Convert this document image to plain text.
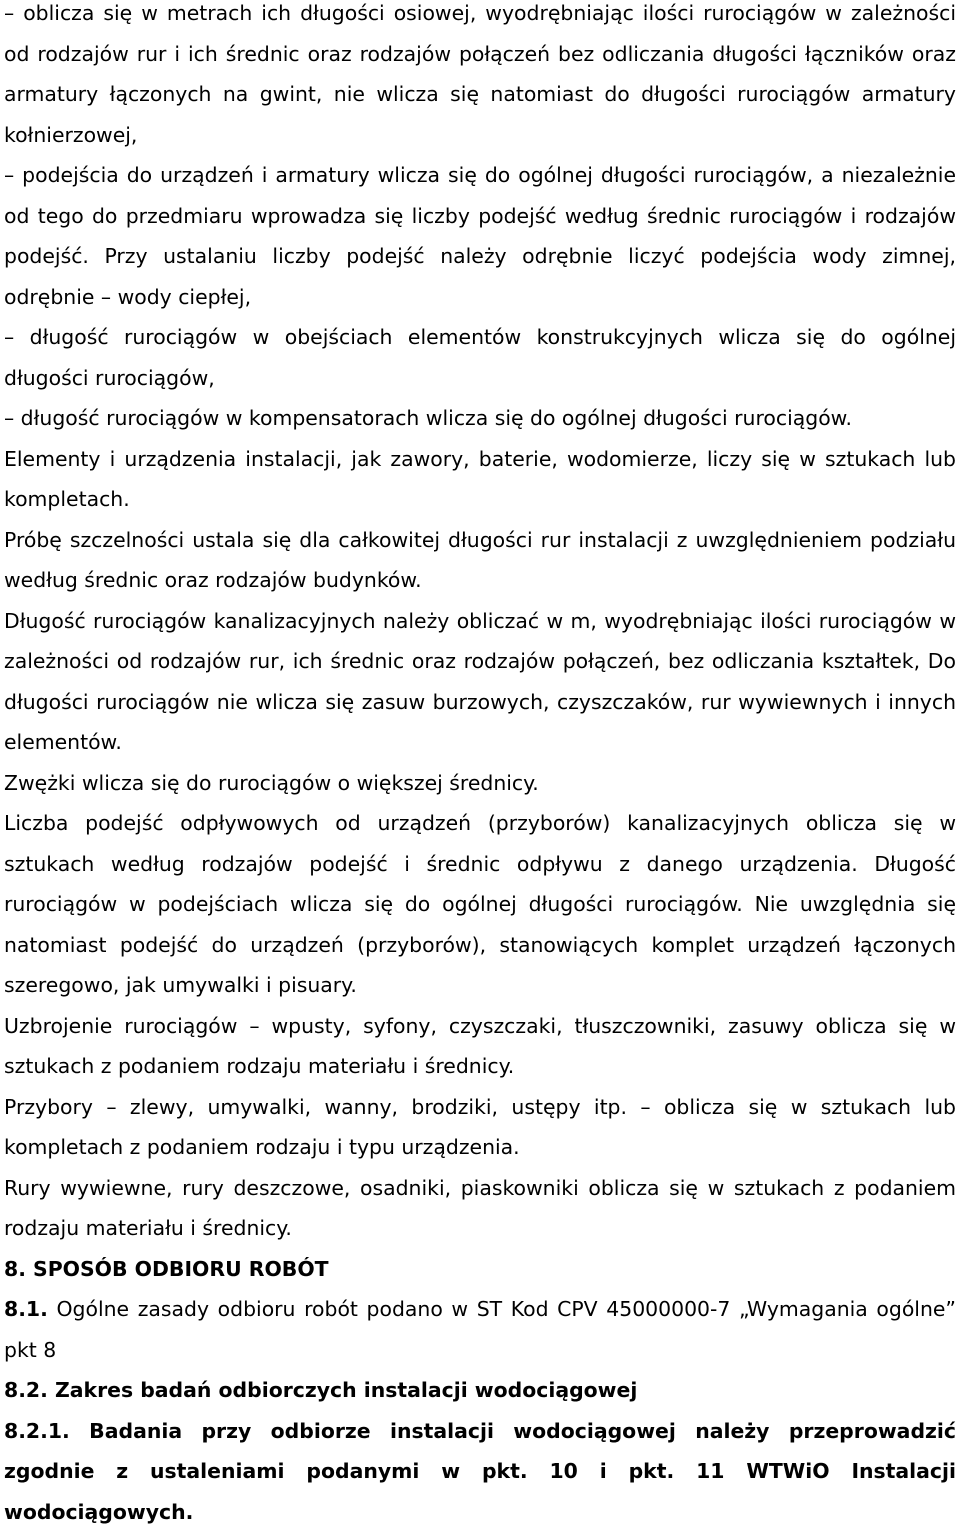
– oblicza się w metrach ich długości osiowej, wyodrębniając ilości rurociągów w zależności od rodzajów rur i ich średnic oraz rodzajów połączeń bez odliczania długości łączników oraz armatury łączonych na gwint, nie wlicza się natomiast do długości rurociągów armatury kołnierzowej,

– podejścia do urządzeń i armatury wlicza się do ogólnej długości rurociągów, a niezależnie od tego do przedmiaru wprowadza się liczby podejść według średnic rurociągów i rodzajów podejść. Przy ustalaniu liczby podejść należy odrębnie liczyć podejścia wody zimnej, odrębnie – wody ciepłej,

– długość rurociągów w obejściach elementów konstrukcyjnych wlicza się do ogólnej długości rurociągów,

– długość rurociągów w kompensatorach wlicza się do ogólnej długości rurociągów.

Elementy i urządzenia instalacji, jak zawory, baterie, wodomierze, liczy się w sztukach lub kompletach.

Próbę szczelności ustala się dla całkowitej długości rur instalacji z uwzględnieniem podziału według średnic oraz rodzajów budynków.

Długość rurociągów kanalizacyjnych należy obliczać w m, wyodrębniając ilości rurociągów w zależności od rodzajów rur, ich średnic oraz rodzajów połączeń, bez odliczania kształtek, Do długości rurociągów nie wlicza się zasuw burzowych, czyszczaków, rur wywiewnych i innych elementów.

Zwężki wlicza się do rurociągów o większej średnicy.

Liczba podejść odpływowych od urządzeń (przyborów) kanalizacyjnych oblicza się w sztukach według rodzajów podejść i średnic odpływu z danego urządzenia. Długość rurociągów w podejściach wlicza się do ogólnej długości rurociągów. Nie uwzględnia się natomiast podejść do urządzeń (przyborów), stanowiących komplet urządzeń łączonych szeregowo, jak umywalki i pisuary.

Uzbrojenie rurociągów – wpusty, syfony, czyszczaki, tłuszczowniki, zasuwy oblicza się w sztukach z podaniem rodzaju materiału i średnicy.

Przybory – zlewy, umywalki, wanny, brodziki, ustępy itp. – oblicza się w sztukach lub kompletach z podaniem rodzaju i typu urządzenia.

Rury wywiewne, rury deszczowe, osadniki, piaskowniki oblicza się w sztukach z podaniem rodzaju materiału i średnicy.

8. SPOSÓB ODBIORU ROBÓT

8.1. Ogólne zasady odbioru robót podano w ST Kod CPV 45000000-7 „Wymagania ogólne” pkt 8

8.2. Zakres badań odbiorczych instalacji wodociągowej

8.2.1. Badania przy odbiorze instalacji wodociągowej należy przeprowadzić zgodnie z ustaleniami podanymi w pkt. 10 i pkt. 11 WTWiO Instalacji wodociągowych.
